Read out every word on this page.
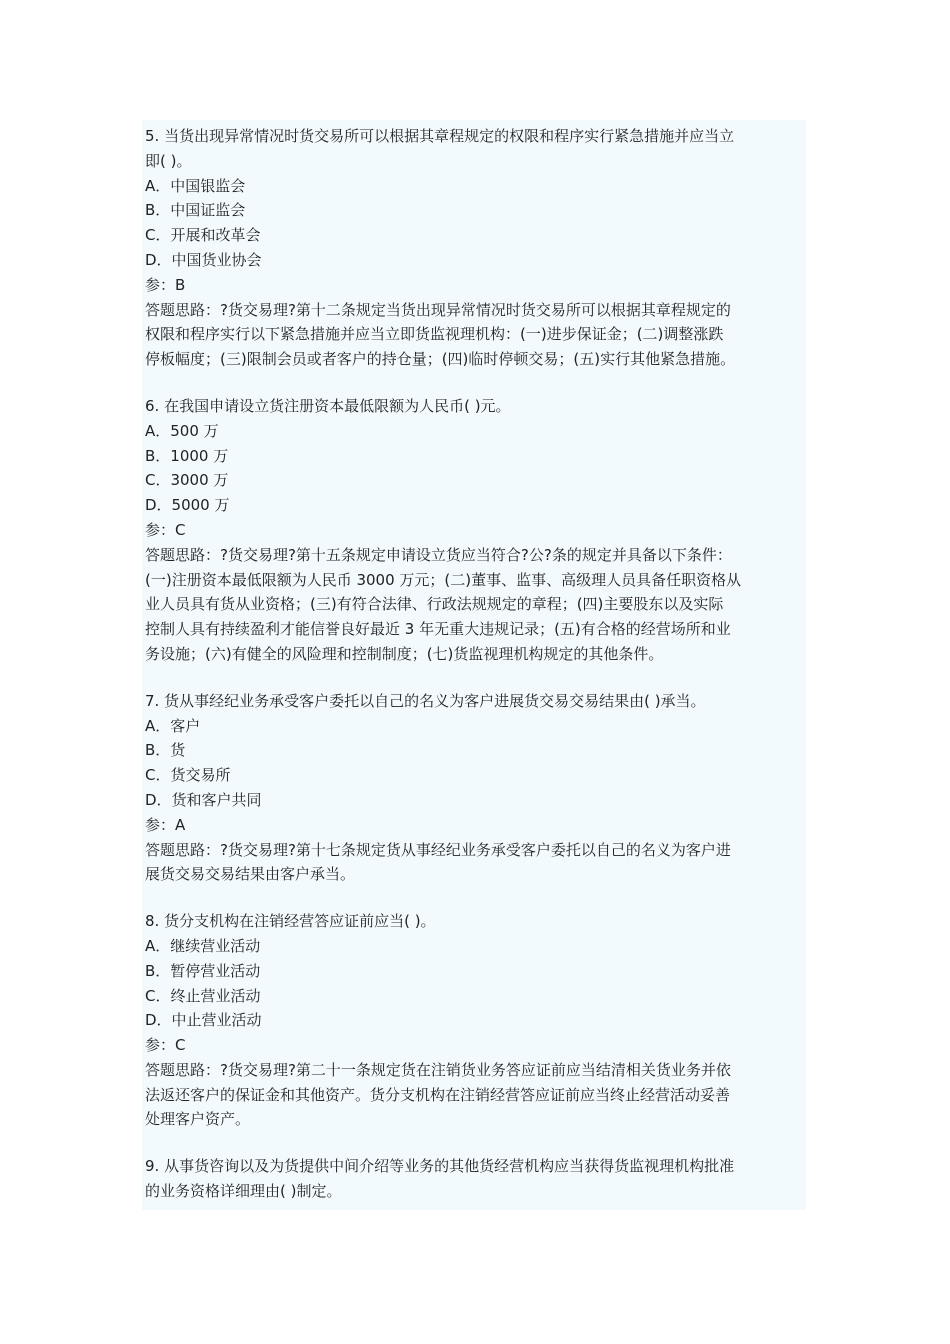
5. 当货出现异常情况时货交易所可以根据其章程规定的权限和程序实行紧急措施并应当立

即( )。

A．中国银监会

B．中国证监会

C．开展和改革会

D．中国货业协会

参：B

答题思路：?货交易理?第十二条规定当货出现异常情况时货交易所可以根据其章程规定的

权限和程序实行以下紧急措施并应当立即货监视理机构：(一)进步保证金；(二)调整涨跌

停板幅度；(三)限制会员或者客户的持仓量；(四)临时停顿交易；(五)实行其他紧急措施。

6. 在我国申请设立货注册资本最低限额为人民币( )元。

A．500 万

B．1000 万

C．3000 万

D．5000 万

参：C

答题思路：?货交易理?第十五条规定申请设立货应当符合?公?条的规定并具备以下条件：

(一)注册资本最低限额为人民币 3000 万元；(二)董事、监事、高级理人员具备任职资格从

业人员具有货从业资格；(三)有符合法律、行政法规规定的章程；(四)主要股东以及实际

控制人具有持续盈利才能信誉良好最近 3 年无重大违规记录；(五)有合格的经营场所和业

务设施；(六)有健全的风险理和控制制度；(七)货监视理机构规定的其他条件。

7. 货从事经纪业务承受客户委托以自己的名义为客户进展货交易交易结果由( )承当。

A．客户

B．货

C．货交易所

D．货和客户共同

参：A

答题思路：?货交易理?第十七条规定货从事经纪业务承受客户委托以自己的名义为客户进

展货交易交易结果由客户承当。

8. 货分支机构在注销经营答应证前应当( )。

A．继续营业活动

B．暂停营业活动

C．终止营业活动

D．中止营业活动

参：C

答题思路：?货交易理?第二十一条规定货在注销货业务答应证前应当结清相关货业务并依

法返还客户的保证金和其他资产。货分支机构在注销经营答应证前应当终止经营活动妥善

处理客户资产。

9. 从事货咨询以及为货提供中间介绍等业务的其他货经营机构应当获得货监视理机构批准

的业务资格详细理由( )制定。
